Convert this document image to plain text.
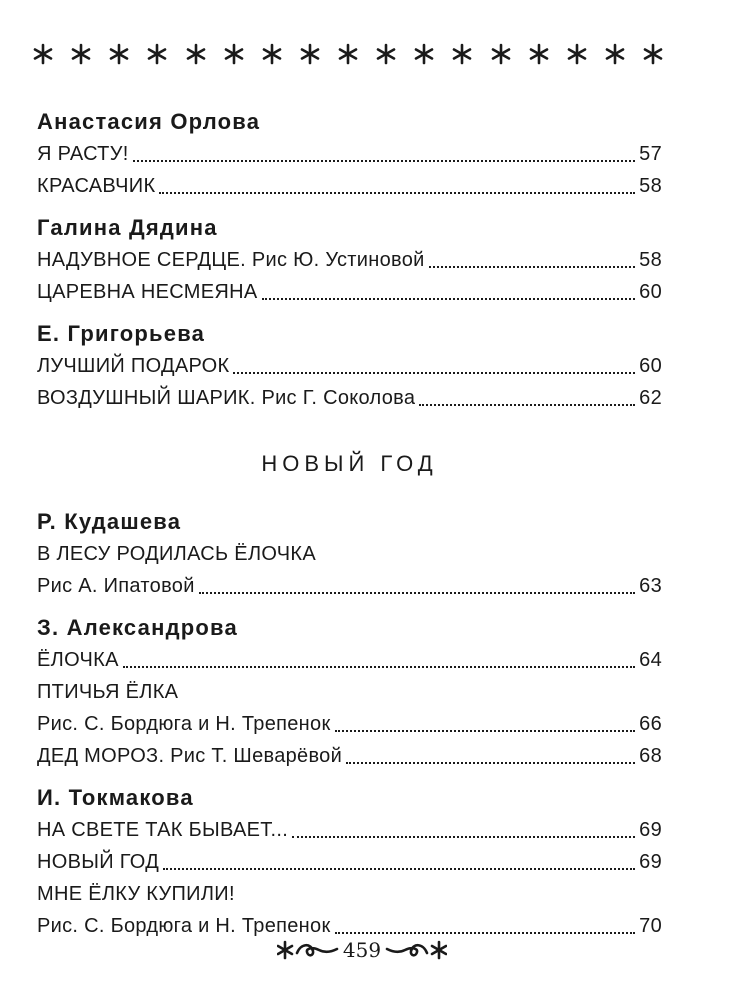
Анастасия Орлова
Я РАСТУ!	57
КРАСАВЧИК	58
Галина Дядина
НАДУВНОЕ СЕРДЦЕ. Рис Ю. Устиновой	58
ЦАРЕВНА НЕСМЕЯНА	60
Е. Григорьева
ЛУЧШИЙ ПОДАРОК	60
ВОЗДУШНЫЙ ШАРИК. Рис Г. Соколова	62
НОВЫЙ ГОД
Р. Кудашева
В ЛЕСУ РОДИЛАСЬ ЁЛОЧКА
Рис А. Ипатовой	63
З. Александрова
ЁЛОЧКА	64
ПТИЧЬЯ ЁЛКА
Рис. С. Бордюга и Н. Трепенок	66
ДЕД МОРОЗ. Рис Т. Шеварёвой	68
И. Токмакова
НА СВЕТЕ ТАК БЫВАЕТ...	69
НОВЫЙ ГОД	69
МНЕ ЁЛКУ КУПИЛИ!
Рис. С. Бордюга и Н. Трепенок	70
459
